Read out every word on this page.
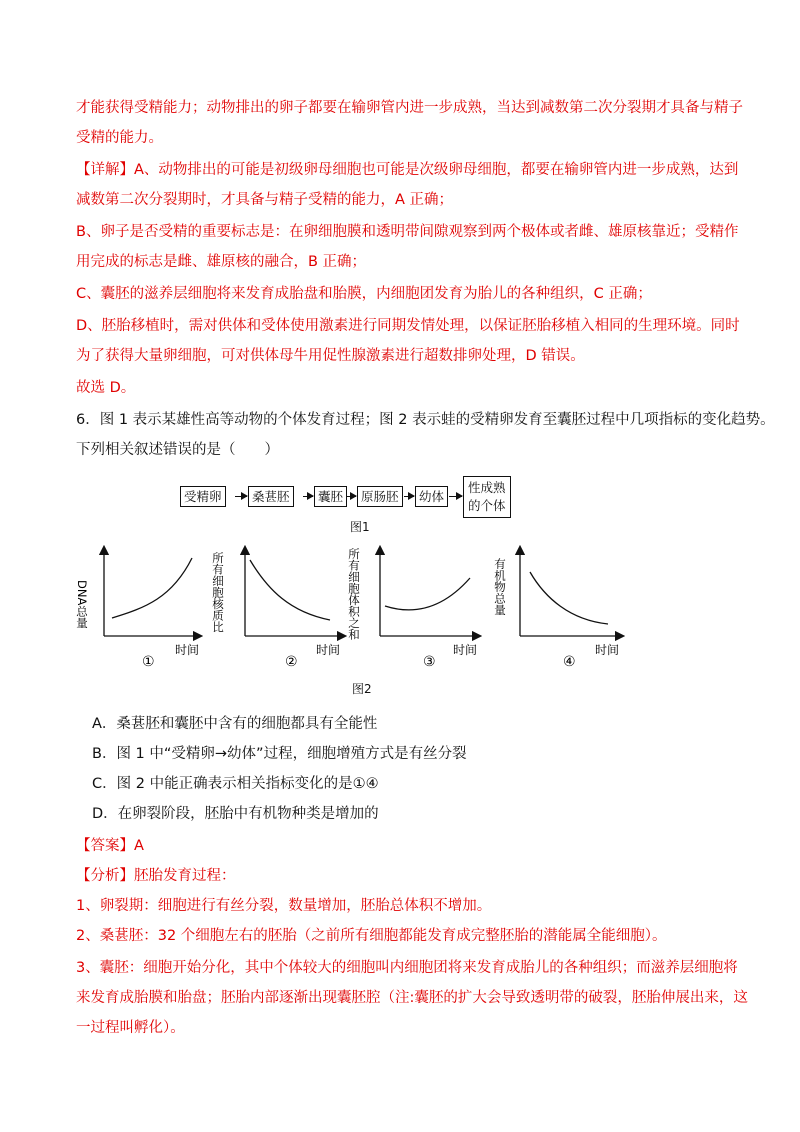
才能获得受精能力；动物排出的卵子都要在输卵管内进一步成熟，当达到减数第二次分裂期才具备与精子
受精的能力。
【详解】A、动物排出的可能是初级卵母细胞也可能是次级卵母细胞，都要在输卵管内进一步成熟，达到
减数第二次分裂期时，才具备与精子受精的能力，A 正确；
B、卵子是否受精的重要标志是：在卵细胞膜和透明带间隙观察到两个极体或者雌、雄原核靠近；受精作
用完成的标志是雌、雄原核的融合，B 正确；
C、囊胚的滋养层细胞将来发育成胎盘和胎膜，内细胞团发育为胎儿的各种组织，C 正确；
D、胚胎移植时，需对供体和受体使用激素进行同期发情处理，以保证胚胎移植入相同的生理环境。同时
为了获得大量卵细胞，可对供体母牛用促性腺激素进行超数排卵处理，D 错误。
故选 D。
6．图 1 表示某雄性高等动物的个体发育过程；图 2 表示蛙的受精卵发育至囊胚过程中几项指标的变化趋势。
下列相关叙述错误的是（　　）
受精卵	桑葚胚	囊胚	原肠胚	幼体
性成熟
的个体
图1
DNA总量
时间
①
所有细胞核质比
时间
②
所有细胞体积之和
时间
③
有机物总量
时间
④
图2
A．桑葚胚和囊胚中含有的细胞都具有全能性
B．图 1 中“受精卵→幼体”过程，细胞增殖方式是有丝分裂
C．图 2 中能正确表示相关指标变化的是①④
D．在卵裂阶段，胚胎中有机物种类是增加的
【答案】A
【分析】胚胎发育过程：
1、卵裂期：细胞进行有丝分裂，数量增加，胚胎总体积不增加。
2、桑葚胚：32 个细胞左右的胚胎（之前所有细胞都能发育成完整胚胎的潜能属全能细胞）。
3、囊胚：细胞开始分化，其中个体较大的细胞叫内细胞团将来发育成胎儿的各种组织；而滋养层细胞将
来发育成胎膜和胎盘；胚胎内部逐渐出现囊胚腔（注:囊胚的扩大会导致透明带的破裂，胚胎伸展出来，这
一过程叫孵化）。
